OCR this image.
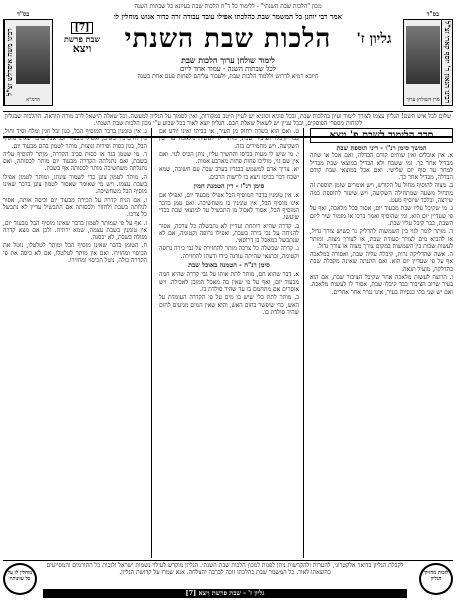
מכון "הלכות שבת השנתי" - ללימוד כל ד"ח הלכות שבת בעיונא כל שבתות השנה
בס"ד
בס"ד
רבינו הגאון ר' יוסף קארו זצ"ל
מרן השולחן ערוך
רבינו משה איסרלש זצ"ל
הרמ"א
אמר רבי יוחנן כל המשמר שבת כהלכתו אפילו עובד עבודה זרה כדור אנוש מוחלין לו
גליון ז'
הלכות שבת השנתי
[7]
שבת פרשת
ויצא
לימוד שולחן ערוך הלכות שבת
לכל שבתות השנה - עמוד אחד ליום
חיובא רמיא לדרוש וללמוד הלכות שבת, ולעבור עליהם לפחות פעם אחת בשנה
שלום לכל איש השם! הגליון עצמו לצורך לימוד ועיון בהלכות שבת, ובכל סוגיא וסוגיא יש לעיין היטב במקורות, ואין לסמוך על הגליון למעשה. וכל שאלה תישאל לרב מורה הוראה. ההלכות שבגליון לקוחות מספרי הפוסקים, ובכל עניין יש לשאול שאלת חכם. הגליון יוצא לאור בכל שבוע ע"י מכון הלכות שבת השנתי.
סדר הלימוד לשבת פ' ויצא
המשך סימן רנ"ו - דיני תוספת שבת

א. אין אוכלים ואין שותים קודם הבדלה, ואם אכל או שתה מבדיל אחר כך. ומי ששכח ולא הבדיל במוצאי שבת מבדיל למחר עד סוף יום שלישי. ואם אכל במוצאי שבת קודם הבדלה, מבדיל אחר כך.

ב. מצוה להוסיף מחול על הקודש, ויש אומרים שזמן תוספת זה מתחיל משעה שמתחילה השקיעה, ויש שיעור לתוספת כמה שירצה, ובלבד שיוסיף מעט.

ג. מי שקיבל עליו שבת מבעוד יום, אסור בכל מלאכה, ואף על פי שעדיין יום הוא. ומי שהוסיף ואמר ברכו או מזמור שיר ליום השבת, כבר קיבל עליו שבת.

ד. מותר לומר לגוי בין השמשות להדליק נר כשיש צורך גדול, או להביא מים לצורך סעודת שבת, או לצורך מצוה. ומותר לעשות שבות בין השמשות במקום צורך מצוה או צורך גדול.

ה. אשה שהדליקה נרות, קיבלה עליה שבת, ואסורה במלאכה אף על פי שעדיין יום הוא. ואם התנתה שאינה מקבלת שבת בהדלקה, מועיל תנאה.

ו. הרוצה לעשות מלאכה אחר שקיבל הציבור שבת, אם הוא בעיר שרוב הציבור כבר קיבלו שבת, אסור לו לעשות מלאכה. ואם יש שני בתי כנסיות בעיר, אינו נגרר אחר אחרים.

ט. ואם הוא בשדה רחוק מן העיר, או בביתו ואינו יודע אם כבר קיבלו הציבור שבת, מותר לו לעשות מלאכה עד זמן השקיעה. ויש מחמירים בזה.

י. מי שיש לו מעות בכיסו והחשיך עליו, נותן הכיס לגוי. ואם אין שם גוי, מוליכו פחות פחות מארבע אמות.

יא. צריך אדם למשמש בבגדיו בערב שבת עם חשיכה, שמא ישכח דבר בכיסו ויצא בו לרשות הרבים.

סימן רנ"ז - דין הטמנת חמין

א. אין טומנין בדבר המוסיף הבל אפילו מבעוד יום, ואפילו אם אינו מוסיף הבל, אין טומנין בו משחשיכה. ואם טמן בדבר המוסיף הבל, אסור לאכול מן התבשיל עד למוצאי שבת בכדי שיעשו.

ב. קדרה שהיא רותחת ועדיין לא נתבשלה כל צרכה, אסור להניחה על גבי כירה בשבת, ואפילו גרופה וקטומה, אם לא שנתבשל כמאכל בן דרוסאי.

ג. קדרה שבשלה כל צרכה מותר להחזירה על גבי כירה גרופה וקטומה, ובתנאי שהיתה עודנה בידו ודעתו להחזירה.

סימן רנ"ח - הטמנה באוכל שבת

א. דבר שהוא חם, מותר לתת אותו על גבי קדרה שהיא חמה מבעוד יום, ואף על פי שאין בה מאכל המוכן לאכילה. ויש אוסרים אם מתחמם בו עד שהיד סולדת בו.

ב. מותר לתת כלי שיש בו מים על פי הקדרה העומדת על האש, כדי שיפשר בחום האש, והוא שאין המים מגיעים לחום שהיד סולדת בו.

ג. אין טומנין בדבר המוסיף הבל, כגון זבל וזגין ומלח וסיד וחול, בין לחים בין יבשים, ואפילו מבעוד יום. אבל בדבר שאינו מוסיף הבל, כגון כסות ופירות ונוצות, מותר לטמון בהם מבעוד יום.

ד. מי שטמן בגד או כסות סביב הקדרה, מותר להוסיף עליה בשבת, ואם נתגלתה הקדרה מבעוד יום מותר לכסותה, ואם נתגלתה משחשיכה מותר לכסותה אף בשבת.

ה. מותר לטמון צונן כדי לשמור צינתו, ומותר לטמון אפילו בשבת עצמו. ויש מי שאומר שאסור לטמון צונן בדבר שאינו מוסיף הבל משחשיכה.

ו. אם הניח קדרה על הכירה מבעוד יום וכיסה אותה, אסור לגלותה בשבת ולחזור ולכסותה אם התבשיל עדיין לא נתבשל כל צרכו.

ז. אף על פי שמותר לטמון בדבר שאינו מוסיף הבל מבעוד יום, אין טומנין בשבת עצמה, שמא ירתיח. ולכן אם מצא קדרה מגולה בשבת, לא יכסנה.

ח. הטומן בדבר שאינו מוסיף הבל ומותר לטלטלו, נוטל את הכיסוי ומחזירו. ואם אין מותר לטלטלו, אם לא כיסה את פי הקדרה כולה, נוטל הכיסוי ומחזירו.

לזכות מחזיקי הגליון
לקבלת הגליון בדואר אלקטרוני, להערות ולהקדשות ניתן לפנות למכון הלכות שבת השנתי. הגליון מוקדש לעילוי נשמות ישראל ולזכות כל התורמים והמסייעים בהוצאתו לאור. כל המשמר שבת כהלכתו זוכה לברכה והצלחה. אנא שמרו על קדושת הגליון.
גליון ז' - שבת פרשת ויצא [7]
מוחלין לו על כל עוונותיו
